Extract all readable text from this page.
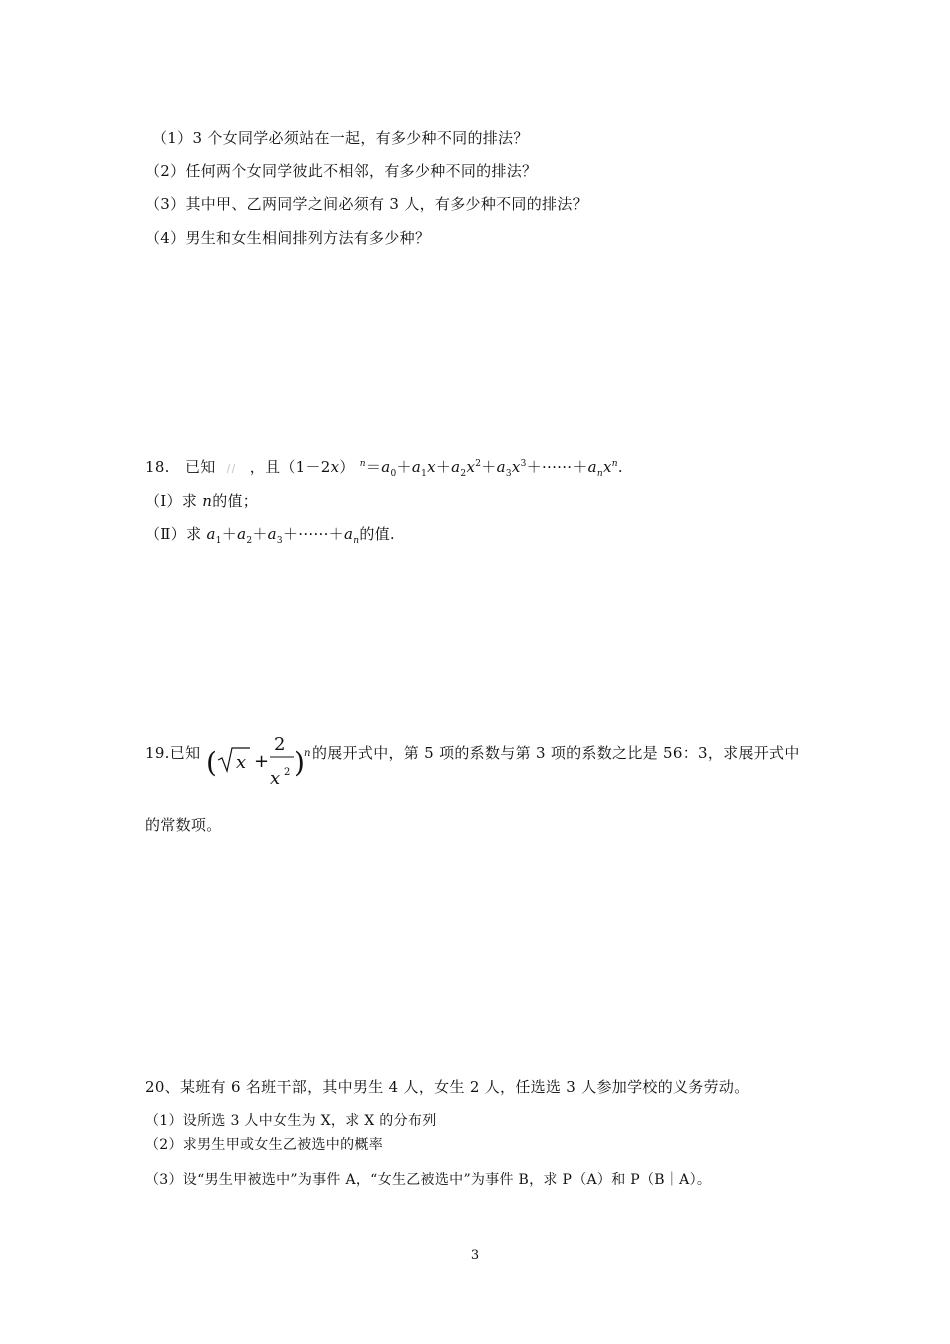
（1）3 个女同学必须站在一起，有多少种不同的排法？
（2）任何两个女同学彼此不相邻，有多少种不同的排法？
（3）其中甲、乙两同学之间必须有 3 人，有多少种不同的排法？
（4）男生和女生相间排列方法有多少种？
18. 已知 ，且（1－2x） $^n=a_0+a_1x+a_2x^2+a_3x^3+\cdot\cdot\cdot\cdot\cdot\cdot+a_nx^n$.
（Ⅰ）求 n的值；
（Ⅱ）求 $a_1+a_2+a_3+\cdot\cdot\cdot\cdot\cdot\cdot+a_n$的值.
19.已知 ( x +
2
x 2 ) n 的展开式中，第 5 项的系数与第 3 项的系数之比是 56：3，求展开式中
的常数项。
20、某班有 6 名班干部，其中男生 4 人，女生 2 人，任选选 3 人参加学校的义务劳动。
（1）设所选 3 人中女生为 X，求 X 的分布列
（2）求男生甲或女生乙被选中的概率
（3）设“男生甲被选中”为事件 A，“女生乙被选中”为事件 B，求 P（A）和 P（B｜A）。
3
